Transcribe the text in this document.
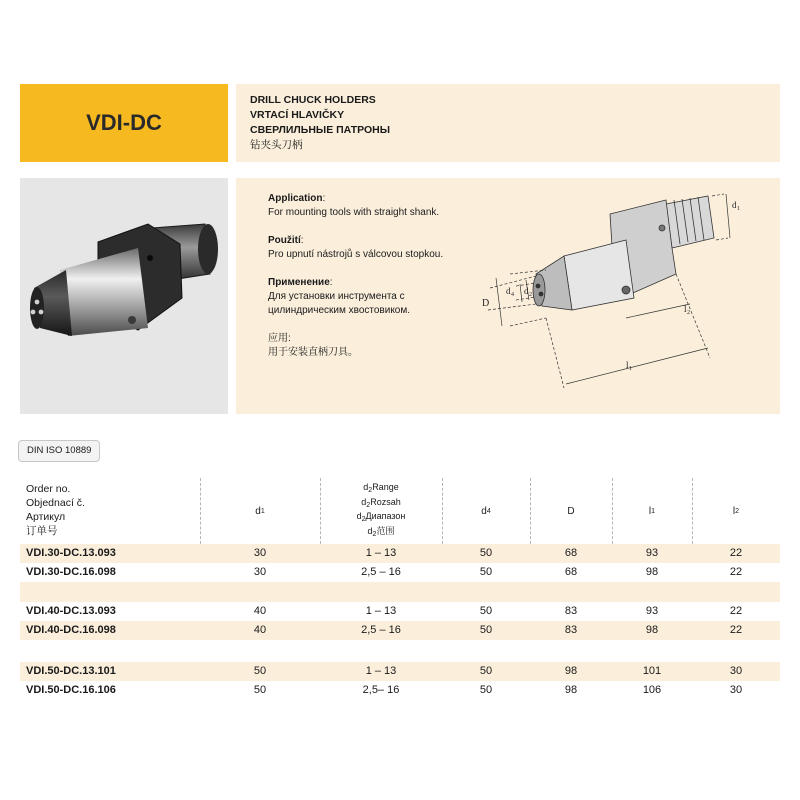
VDI-DC
DRILL CHUCK HOLDERS
VRTACÍ HLAVIČKY
СВЕРЛИЛЬНЫЕ ПАТРОНЫ
钻夹头刀柄
Application:
For mounting tools with straight shank.
Použití:
Pro upnutí nástrojů s válcovou stopkou.
Применение:
Для установки инструмента с
цилиндрическим хвостовиком.
应用:
用于安装直柄刀具。
D
d 4 d 2
d 1
l 1
l 2
DIN ISO 10889
Order no.
Objednací č.
Артикул
订单号
d 1
$d_2Range$
$d_2Rozsah$
$d_2Диапазон$
$d_2$范围
d 4	D	l 1	l 2
VDI.30-DC.13.093	30	1 – 13	50	68	93	22
VDI.30-DC.16.098	30	2,5 – 16	50	68	98	22
VDI.40-DC.13.093	40	1 – 13	50	83	93	22
VDI.40-DC.16.098	40	2,5 – 16	50	83	98	22
VDI.50-DC.13.101	50	1 – 13	50	98	101	30
VDI.50-DC.16.106	50	2,5– 16	50	98	106	30
